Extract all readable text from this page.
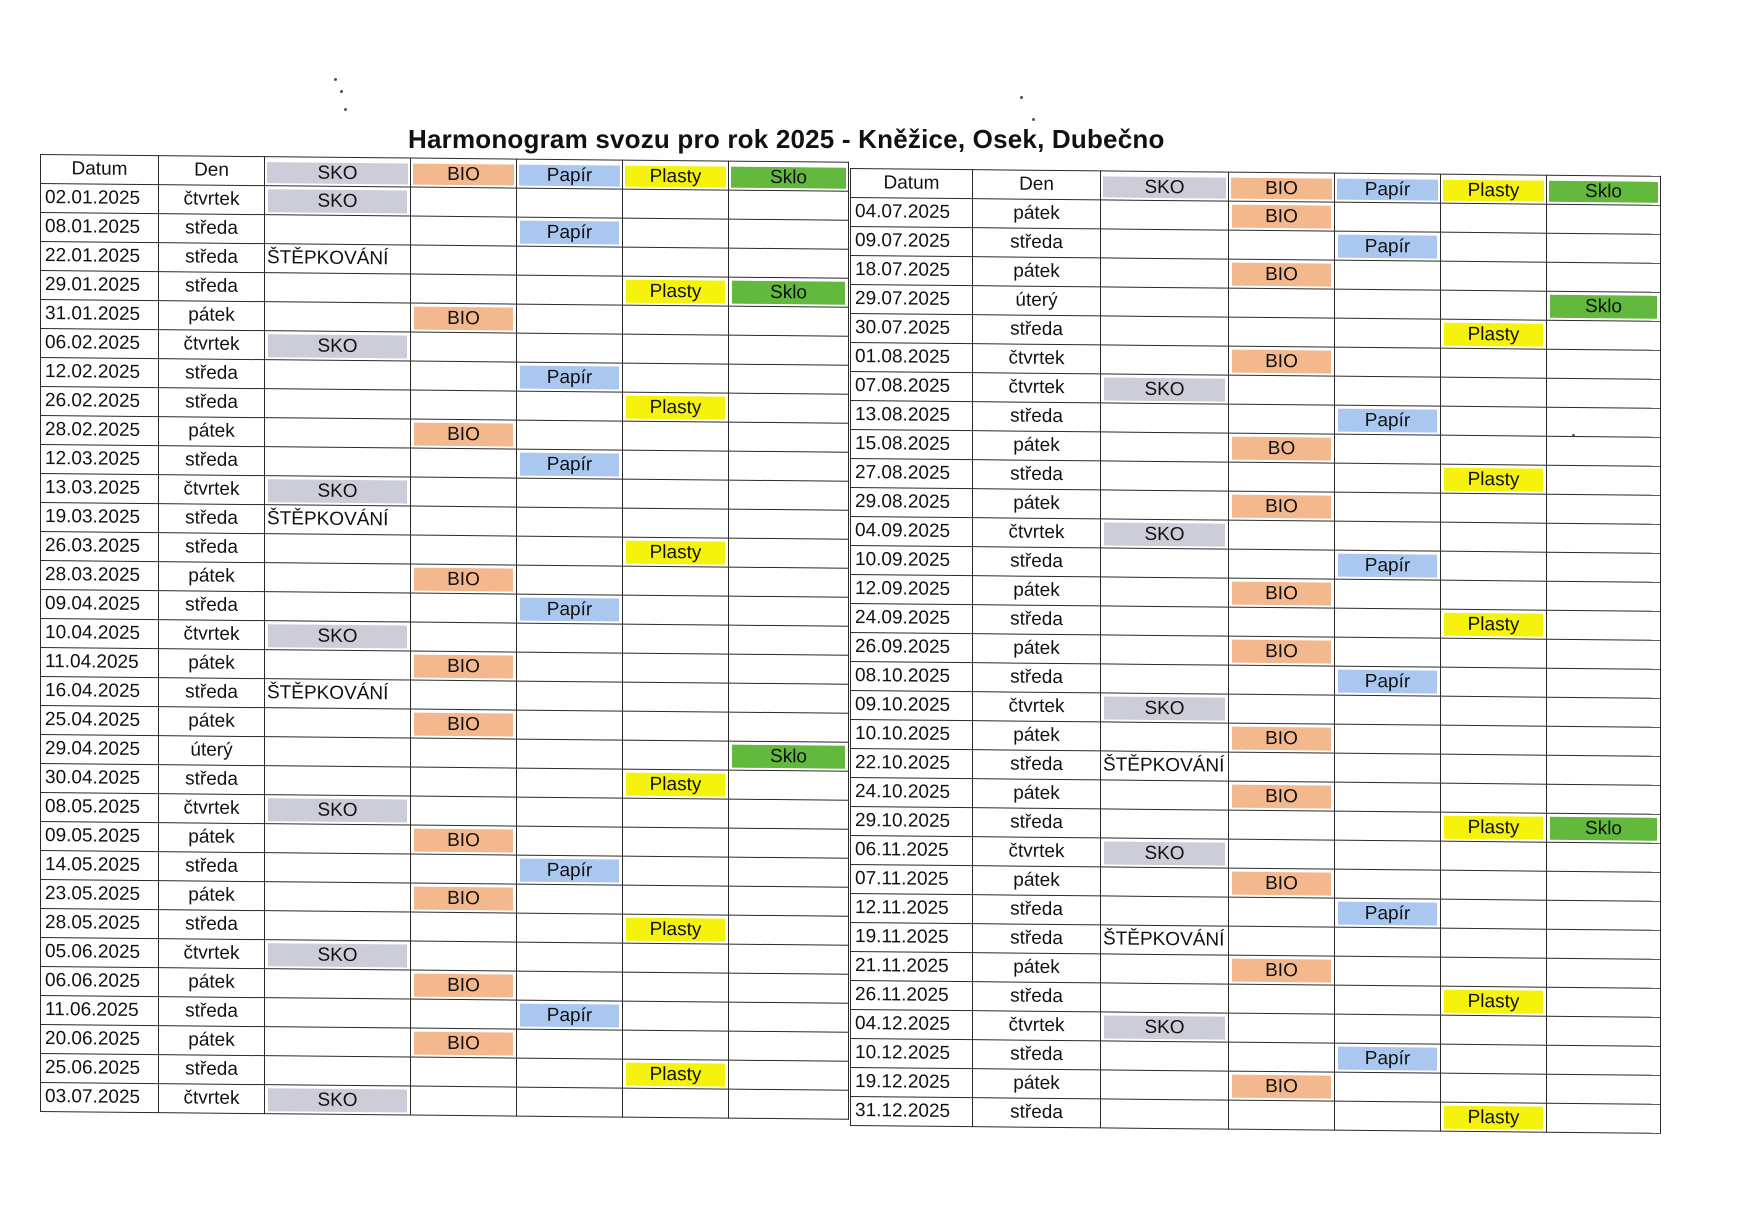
Harmonogram svozu pro rok 2025 - Kněžice, Osek, Dubečno
Datum	Den	SKO	BIO	Papír	Plasty	Sklo

02.01.2025	čtvrtek	SKO				

08.01.2025	středa			Papír		

22.01.2025	středa	ŠTĚPKOVÁNÍ				
29.01.2025	středa				Plasty	Sklo

31.01.2025	pátek		BIO			

06.02.2025	čtvrtek	SKO				

12.02.2025	středa			Papír		

26.02.2025	středa				Plasty	

28.02.2025	pátek		BIO			

12.03.2025	středa			Papír		

13.03.2025	čtvrtek	SKO				

19.03.2025	středa	ŠTĚPKOVÁNÍ				
26.03.2025	středa				Plasty	

28.03.2025	pátek		BIO			

09.04.2025	středa			Papír		

10.04.2025	čtvrtek	SKO				

11.04.2025	pátek		BIO			

16.04.2025	středa	ŠTĚPKOVÁNÍ				
25.04.2025	pátek		BIO			

29.04.2025	úterý					Sklo

30.04.2025	středa				Plasty	

08.05.2025	čtvrtek	SKO				

09.05.2025	pátek		BIO			

14.05.2025	středa			Papír		

23.05.2025	pátek		BIO			

28.05.2025	středa				Plasty	

05.06.2025	čtvrtek	SKO				

06.06.2025	pátek		BIO			

11.06.2025	středa			Papír		

20.06.2025	pátek		BIO			

25.06.2025	středa				Plasty	

03.07.2025	čtvrtek	SKO				

Datum	Den	SKO	BIO	Papír	Plasty	Sklo

04.07.2025	pátek		BIO			

09.07.2025	středa			Papír		

18.07.2025	pátek		BIO			

29.07.2025	úterý					Sklo

30.07.2025	středa				Plasty	

01.08.2025	čtvrtek		BIO			

07.08.2025	čtvrtek	SKO				

13.08.2025	středa			Papír		

15.08.2025	pátek		BO			

27.08.2025	středa				Plasty	

29.08.2025	pátek		BIO			

04.09.2025	čtvrtek	SKO				

10.09.2025	středa			Papír		

12.09.2025	pátek		BIO			

24.09.2025	středa				Plasty	

26.09.2025	pátek		BIO			

08.10.2025	středa			Papír		

09.10.2025	čtvrtek	SKO				

10.10.2025	pátek		BIO			

22.10.2025	středa	ŠTĚPKOVÁNÍ				
24.10.2025	pátek		BIO			

29.10.2025	středa				Plasty	Sklo

06.11.2025	čtvrtek	SKO				

07.11.2025	pátek		BIO			

12.11.2025	středa			Papír		

19.11.2025	středa	ŠTĚPKOVÁNÍ				
21.11.2025	pátek		BIO			

26.11.2025	středa				Plasty	

04.12.2025	čtvrtek	SKO				

10.12.2025	středa			Papír		

19.12.2025	pátek		BIO			

31.12.2025	středa				Plasty	
